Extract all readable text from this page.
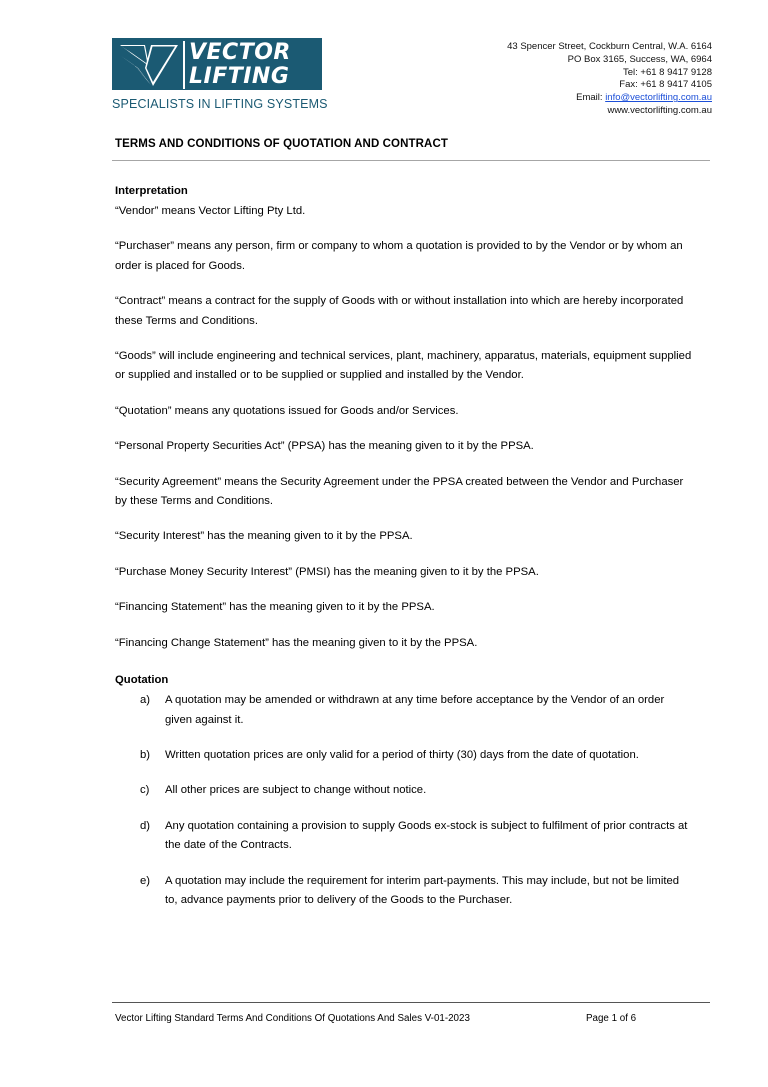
VECTOR
LIFTING
SPECIALISTS IN LIFTING SYSTEMS
43 Spencer Street, Cockburn Central, W.A. 6164
PO Box 3165, Success, WA, 6964
Tel: +61 8 9417 9128
Fax: +61 8 9417 4105
Email: info@vectorlifting.com.au
www.vectorlifting.com.au
TERMS AND CONDITIONS OF QUOTATION AND CONTRACT
Interpretation

“Vendor” means Vector Lifting Pty Ltd.

“Purchaser” means any person, firm or company to whom a quotation is provided to by the Vendor or by whom an order is placed for Goods.

“Contract” means a contract for the supply of Goods with or without installation into which are hereby incorporated these Terms and Conditions.

“Goods” will include engineering and technical services, plant, machinery, apparatus, materials, equipment supplied or supplied and installed or to be supplied or supplied and installed by the Vendor.

“Quotation” means any quotations issued for Goods and/or Services.

“Personal Property Securities Act” (PPSA) has the meaning given to it by the PPSA.

“Security Agreement” means the Security Agreement under the PPSA created between the Vendor and Purchaser by these Terms and Conditions.

“Security Interest” has the meaning given to it by the PPSA.

“Purchase Money Security Interest” (PMSI) has the meaning given to it by the PPSA.

“Financing Statement” has the meaning given to it by the PPSA.

“Financing Change Statement” has the meaning given to it by the PPSA.

Quotation
a)	A quotation may be amended or withdrawn at any time before acceptance by the Vendor of an order given against it.
b)	Written quotation prices are only valid for a period of thirty (30) days from the date of quotation.
c)	All other prices are subject to change without notice.
d)	Any quotation containing a provision to supply Goods ex-stock is subject to fulfilment of prior contracts at the date of the Contracts.
e)	A quotation may include the requirement for interim part-payments. This may include, but not be limited to, advance payments prior to delivery of the Goods to the Purchaser.
Vector Lifting Standard Terms And Conditions Of Quotations And Sales V-01-2023	Page 1 of 6
